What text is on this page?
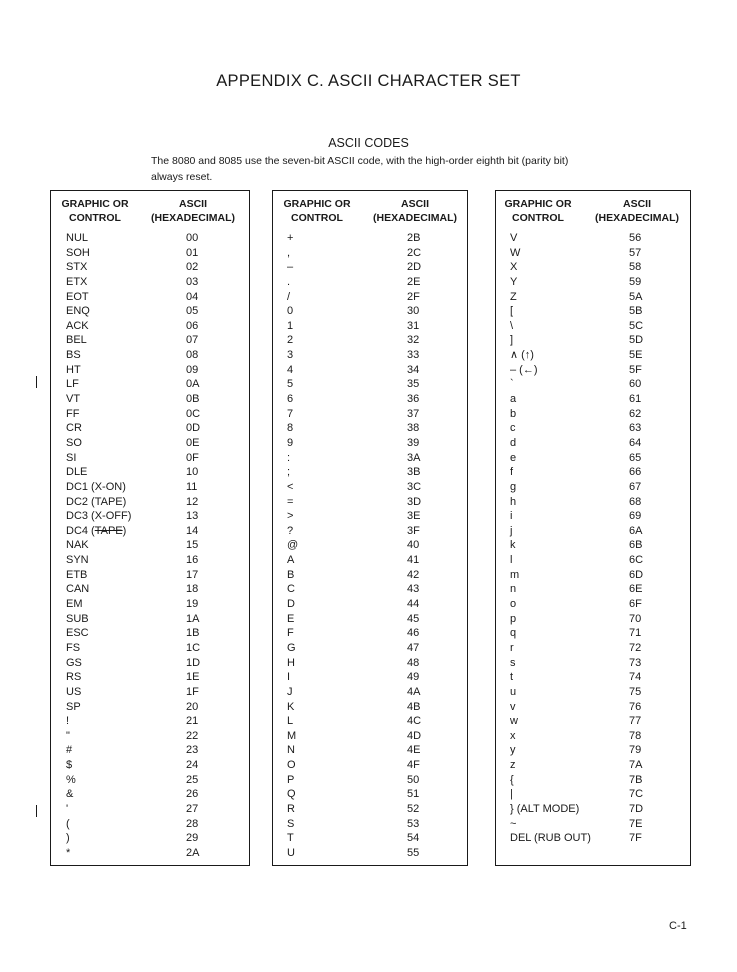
APPENDIX C. ASCII CHARACTER SET
ASCII CODES
The 8080 and 8085 use the seven-bit ASCII code, with the high-order eighth bit (parity bit) always reset.
GRAPHIC OR CONTROL
ASCII (HEXADECIMAL)
NUL	00
SOH	01
STX	02
ETX	03
EOT	04
ENQ	05
ACK	06
BEL	07
BS	08
HT	09
LF	0A
VT	0B
FF	0C
CR	0D
SO	0E
SI	0F
DLE	10
DC1 (X-ON)	11
DC2 (TAPE)	12
DC3 (X-OFF)	13
DC4 (TAPE)	14
NAK	15
SYN	16
ETB	17
CAN	18
EM	19
SUB	1A
ESC	1B
FS	1C
GS	1D
RS	1E
US	1F
SP	20
!	21
"	22
#	23
$	24
%	25
&	26
'	27
(	28
)	29
*	2A
GRAPHIC OR CONTROL
ASCII (HEXADECIMAL)
+	2B
,	2C
–	2D
.	2E
/	2F
0	30
1	31
2	32
3	33
4	34
5	35
6	36
7	37
8	38
9	39
:	3A
;	3B
<	3C
=	3D
>	3E
?	3F
@	40
A	41
B	42
C	43
D	44
E	45
F	46
G	47
H	48
I	49
J	4A
K	4B
L	4C
M	4D
N	4E
O	4F
P	50
Q	51
R	52
S	53
T	54
U	55
GRAPHIC OR CONTROL
ASCII (HEXADECIMAL)
V	56
W	57
X	58
Y	59
Z	5A
[	5B
\	5C
]	5D
∧ (↑)	5E
– (←)	5F
`	60
a	61
b	62
c	63
d	64
e	65
f	66
g	67
h	68
i	69
j	6A
k	6B
l	6C
m	6D
n	6E
o	6F
p	70
q	71
r	72
s	73
t	74
u	75
v	76
w	77
x	78
y	79
z	7A
{	7B
|	7C
} (ALT MODE)	7D
~	7E
DEL (RUB OUT)	7F
C-1
